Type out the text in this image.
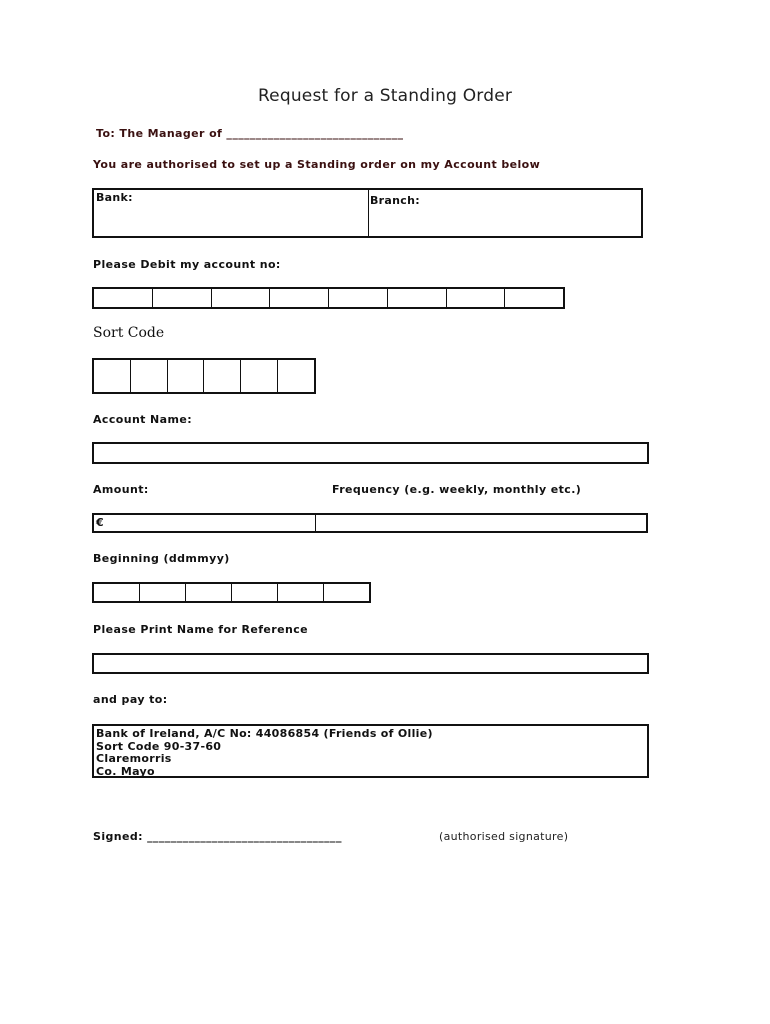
Request for a Standing Order
To: The Manager of ______________________________
You are authorised to set up a Standing order on my Account below
Bank:	Branch:
Please Debit my account no:
Sort Code
Account Name:
Amount:	Frequency (e.g. weekly, monthly etc.)
€
Beginning (ddmmyy)
Please Print Name for Reference
and pay to:
Bank of Ireland, A/C No: 44086854 (Friends of Ollie)
Sort Code 90-37-60
Claremorris
Co. Mayo
Signed: _________________________________	(authorised signature)
